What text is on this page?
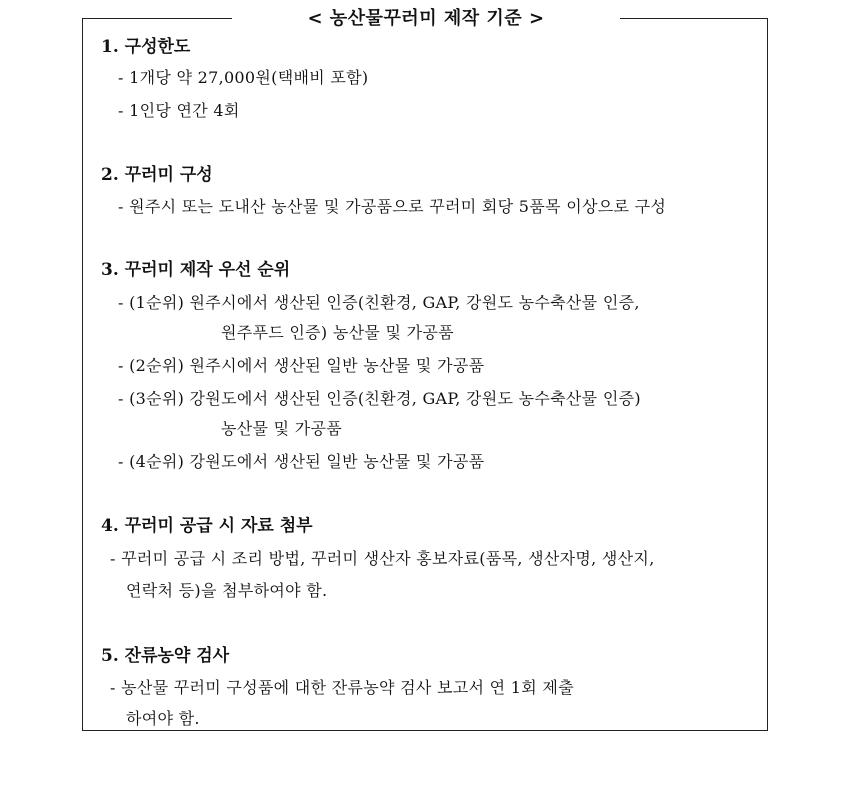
< 농산물꾸러미 제작 기준 >
1. 구성한도
- 1개당 약 27,000원(택배비 포함)
- 1인당 연간 4회
2. 꾸러미 구성
- 원주시 또는 도내산 농산물 및 가공품으로 꾸러미 회당 5품목 이상으로 구성
3. 꾸러미 제작 우선 순위
- (1순위) 원주시에서 생산된 인증(친환경, GAP, 강원도 농수축산물 인증,
원주푸드 인증) 농산물 및 가공품
- (2순위) 원주시에서 생산된 일반 농산물 및 가공품
- (3순위) 강원도에서 생산된 인증(친환경, GAP, 강원도 농수축산물 인증)
농산물 및 가공품
- (4순위) 강원도에서 생산된 일반 농산물 및 가공품
4. 꾸러미 공급 시 자료 첨부
- 꾸러미 공급 시 조리 방법, 꾸러미 생산자 홍보자료(품목, 생산자명, 생산지,
연락처 등)을 첨부하여야 함.
5. 잔류농약 검사
- 농산물 꾸러미 구성품에 대한 잔류농약 검사 보고서 연 1회 제출
하여야 함.
